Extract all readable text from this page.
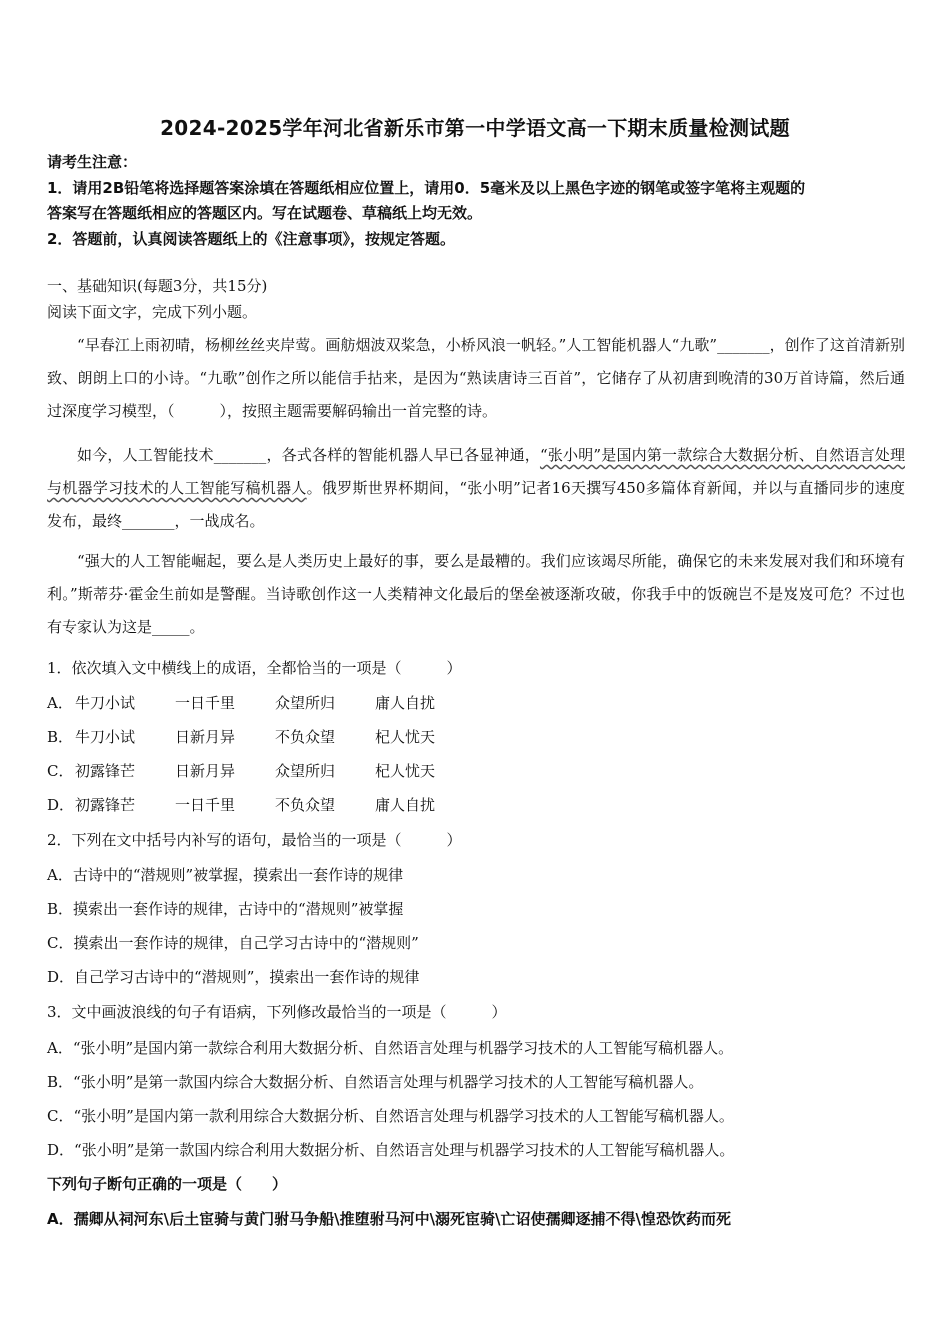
2024-2025学年河北省新乐市第一中学语文高一下期末质量检测试题
请考生注意：
1．请用2B铅笔将选择题答案涂填在答题纸相应位置上，请用0．5毫米及以上黑色字迹的钢笔或签字笔将主观题的
答案写在答题纸相应的答题区内。写在试题卷、草稿纸上均无效。
2．答题前，认真阅读答题纸上的《注意事项》，按规定答题。
一、基础知识(每题3分，共15分)
阅读下面文字，完成下列小题。
“早春江上雨初晴，杨柳丝丝夹岸莺。画舫烟波双桨急，小桥风浪一帆轻。”人工智能机器人“九歌”_______，创作了这首清新别致、朗朗上口的小诗。“九歌”创作之所以能信手拈来，是因为“熟读唐诗三百首”，它储存了从初唐到晚清的30万首诗篇，然后通过深度学习模型，（　　　），按照主题需要解码输出一首完整的诗。
如今，人工智能技术_______，各式各样的智能机器人早已各显神通，“张小明”是国内第一款综合大数据分析、自然语言处理与机器学习技术的人工智能写稿机器人。俄罗斯世界杯期间，“张小明”记者16天撰写450多篇体育新闻，并以与直播同步的速度发布，最终_______，一战成名。
“强大的人工智能崛起，要么是人类历史上最好的事，要么是最糟的。我们应该竭尽所能，确保它的未来发展对我们和环境有利。”斯蒂芬·霍金生前如是警醒。当诗歌创作这一人类精神文化最后的堡垒被逐渐攻破，你我手中的饭碗岂不是岌岌可危？不过也有专家认为这是_____。
1．依次填入文中横线上的成语，全都恰当的一项是（　　　）
A． 牛刀小试	一日千里	众望所归	庸人自扰
B． 牛刀小试	日新月异	不负众望	杞人忧天
C． 初露锋芒	日新月异	众望所归	杞人忧天
D．初露锋芒	一日千里	不负众望	庸人自扰
2．下列在文中括号内补写的语句，最恰当的一项是（　　　）
A．古诗中的“潜规则”被掌握，摸索出一套作诗的规律
B．摸索出一套作诗的规律，古诗中的“潜规则”被掌握
C．摸索出一套作诗的规律，自己学习古诗中的“潜规则”
D．自己学习古诗中的“潜规则”，摸索出一套作诗的规律
3．文中画波浪线的句子有语病，下列修改最恰当的一项是（　　　）
A．“张小明”是国内第一款综合利用大数据分析、自然语言处理与机器学习技术的人工智能写稿机器人。
B．“张小明”是第一款国内综合大数据分析、自然语言处理与机器学习技术的人工智能写稿机器人。
C．“张小明”是国内第一款利用综合大数据分析、自然语言处理与机器学习技术的人工智能写稿机器人。
D．“张小明”是第一款国内综合利用大数据分析、自然语言处理与机器学习技术的人工智能写稿机器人。
下列句子断句正确的一项是（　　）
A．孺卿从祠河东\后土宦骑与黄门驸马争船\推堕驸马河中\溺死宦骑\亡诏使孺卿逐捕不得\惶恐饮药而死
